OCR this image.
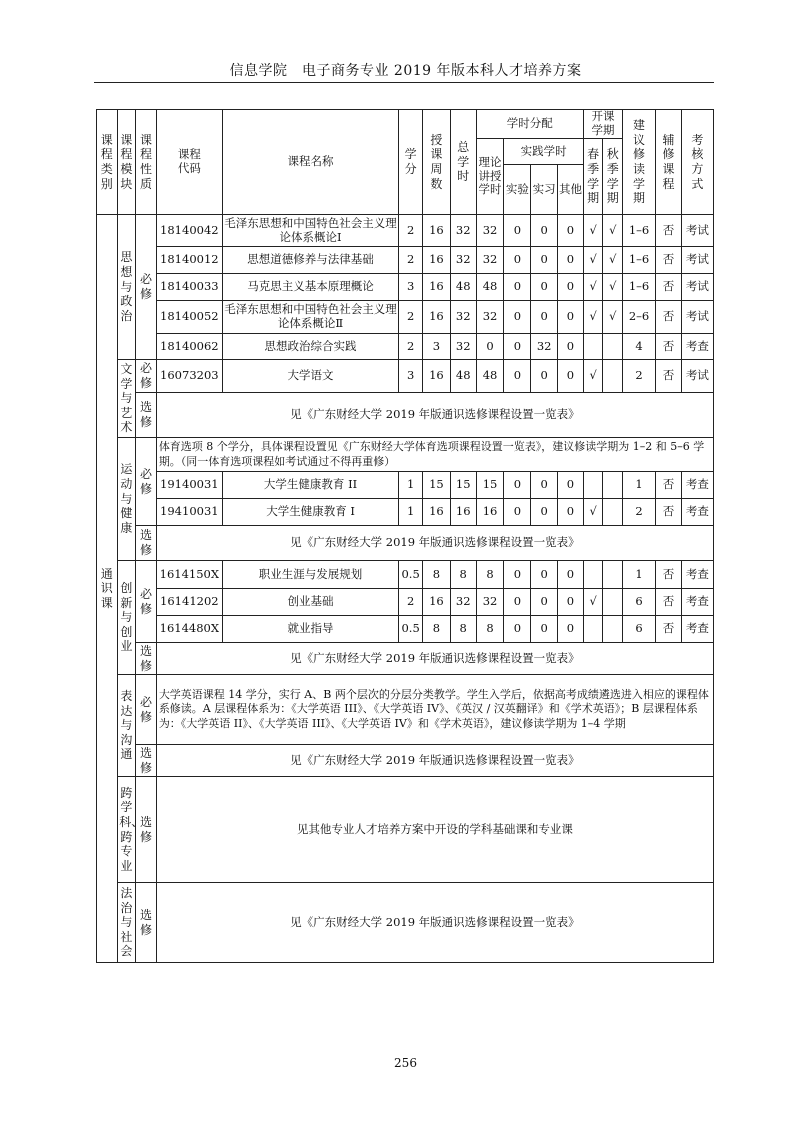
信息学院　电子商务专业 2019 年版本科人才培养方案
课程类别	课程模块	课程性质	课程代码	课程名称	学分	授课周数	总学时	学时分配				开课学期		建议修读学期	辅修课程	考核方式

								理论讲授学时	实践学时			春季学期	秋季学期			

									实验	实习	其他					

通识课	思想与政治	必修	18140042	毛泽东思想和中国特色社会主义理论体系概论Ⅰ	2	16	32	32	0	0	0	√	√	1–6	否	考试
			18140012	思想道德修养与法律基础	2	16	32	32	0	0	0	√	√	1–6	否	考试
			18140033	马克思主义基本原理概论	3	16	48	48	0	0	0	√	√	1–6	否	考试
			18140052	毛泽东思想和中国特色社会主义理论体系概论Ⅱ	2	16	32	32	0	0	0	√	√	2–6	否	考试
			18140062	思想政治综合实践	2	3	32	0	0	32	0			4	否	考查

	文学与艺术	必修	16073203	大学语文	3	16	48	48	0	0	0	√		2	否	考试

		选修	见《广东财经大学 2019 年版通识选修课程设置一览表》													

	运动与健康	必修	体育选项 8 个学分，具体课程设置见《广东财经大学体育选项课程设置一览表》，建议修读学期为 1–2 和 5–6 学期。（同一体育选项课程如考试通过不得再重修）													
			19140031	大学生健康教育 II	1	15	15	15	0	0	0			1	否	考查
			19410031	大学生健康教育 I	1	16	16	16	0	0	0	√		2	否	考查

		选修	见《广东财经大学 2019 年版通识选修课程设置一览表》													

	创新与创业	必修	1614150X	职业生涯与发展规划	0.5	8	8	8	0	0	0			1	否	考查
			16141202	创业基础	2	16	32	32	0	0	0	√		6	否	考查
			1614480X	就业指导	0.5	8	8	8	0	0	0			6	否	考查

		选修	见《广东财经大学 2019 年版通识选修课程设置一览表》													

	表达与沟通	必修	大学英语课程 14 学分，实行 A、B 两个层次的分层分类教学。学生入学后，依据高考成绩遴选进入相应的课程体系修读。A 层课程体系为：《大学英语 III》、《大学英语 IV》、《英汉 / 汉英翻译》和《学术英语》；B 层课程体系为：《大学英语 II》、《大学英语 III》、《大学英语 IV》和《学术英语》，建议修读学期为 1–4 学期													

		选修	见《广东财经大学 2019 年版通识选修课程设置一览表》													

	跨学科、跨专业	选修	见其他专业人才培养方案中开设的学科基础课和专业课													

	法治与社会	选修	见《广东财经大学 2019 年版通识选修课程设置一览表》													
256
